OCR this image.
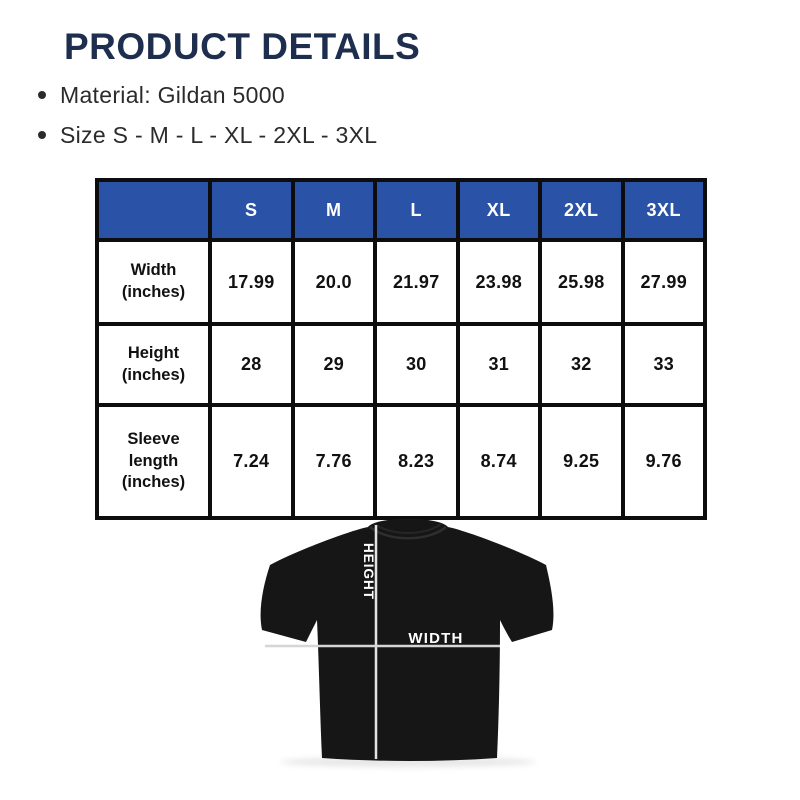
PRODUCT DETAILS
Material: Gildan 5000
Size S - M - L - XL - 2XL - 3XL
	S	M	L	XL	2XL	3XL

Width
(inches)	17.99	20.0	21.97	23.98	25.98	27.99

Height
(inches)	28	29	30	31	32	33

Sleeve
length
(inches)	7.24	7.76	8.23	8.74	9.25	9.76
HEIGHT
WIDTH
